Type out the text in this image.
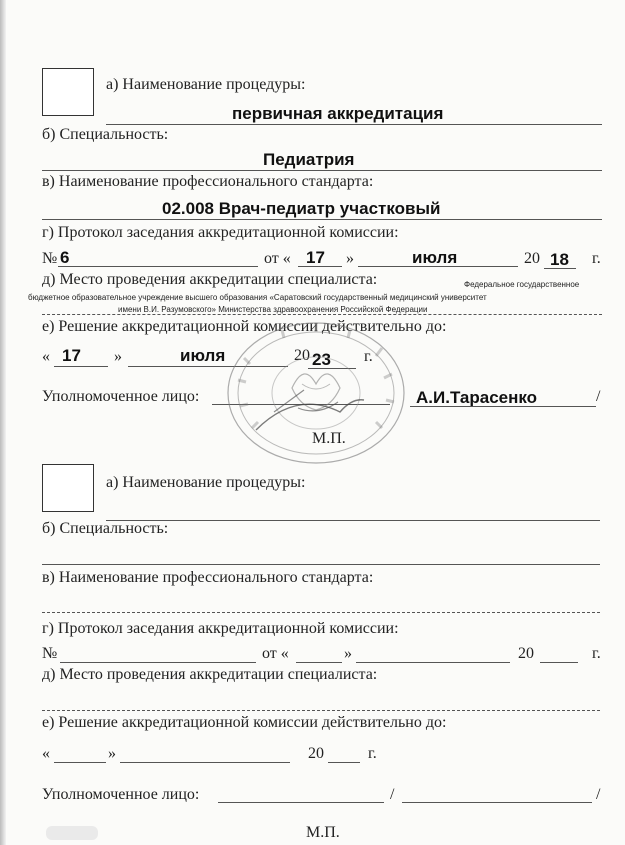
а) Наименование процедуры:
первичная аккредитация
б) Специальность:
Педиатрия
в) Наименование профессионального стандарта:
02.008 Врач-педиатр участковый
г) Протокол заседания аккредитационной комиссии:
№ 6	от « 17 »	июля	20 18 г.
д) Место проведения аккредитации специалиста:	Федеральное государственное
бюджетное образовательное учреждение высшего образования «Саратовский государственный медицинский университет
имени В.И. Разумовского» Министерства здравоохранения Российской Федерации
е) Решение аккредитационной комиссии действительно до:
« 17 »	июля	20 23 г.
Уполномоченное лицо:	А.И.Тарасенко	/
М.П.
а) Наименование процедуры:
б) Специальность:
в) Наименование профессионального стандарта:
г) Протокол заседания аккредитационной комиссии:
№	от «	»	20	г.
д) Место проведения аккредитации специалиста:
е) Решение аккредитационной комиссии действительно до:
«	»	20	г.
Уполномоченное лицо:	/	/
М.П.
